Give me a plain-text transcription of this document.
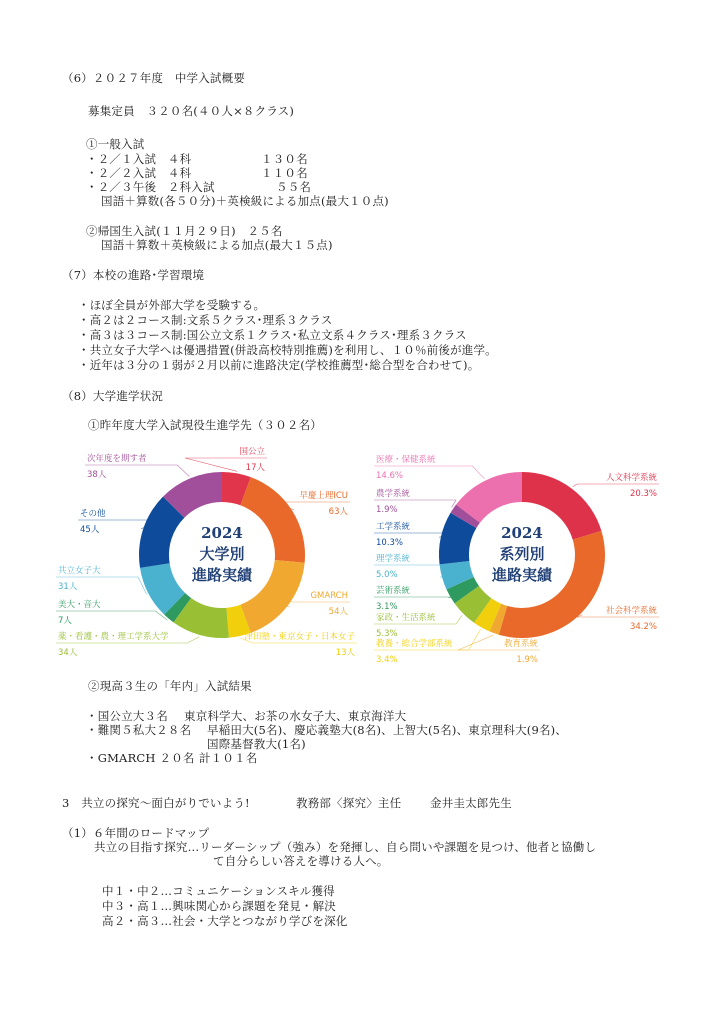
（6）２０２７年度　中学入試概要
募集定員　３２０名(４０人×８クラス)
①一般入試
・２／１入試　４科	１３０名
・２／２入試　４科	１１０名
・２／３午後　２科入試	５５名
国語＋算数(各５０分)＋英検級による加点(最大１０点)
②帰国生入試(１１月２９日)　２５名
国語＋算数＋英検級による加点(最大１５点)
（7）本校の進路･学習環境
・ほぼ全員が外部大学を受験する。
・高２は２コース制:文系５クラス･理系３クラス
・高３は３コース制:国公立文系１クラス･私立文系４クラス･理系３クラス
・共立女子大学へは優遇措置(併設高校特別推薦)を利用し、１０％前後が進学。
・近年は３分の１弱が２月以前に進路決定(学校推薦型･総合型を合わせて)。
（8）大学進学状況
①昨年度大学入試現役生進学先（３０２名）
国公立
17人
早慶上理ICU
63人
GMARCH
54人
津田塾・東京女子・日本女子
13人
薬・看護・農・理工学系大学
34人
美大・音大
7人
共立女子大
31人
その他
45人
次年度を期す者
38人
2024
大学別
進路実績
人文科学系統
20.3%
社会科学系統
34.2%
教育系統
1.9%
教養・総合学部系統
3.4%
家政・生活系統
5.3%
芸術系統
3.1%
理学系統
5.0%
工学系統
10.3%
農学系統
1.9%
医療・保健系統
14.6%
2024
系列別
進路実績
②現高３生の「年内」入試結果
・国公立大３名 東京科学大、お茶の水女子大、東京海洋大
・難関５私大２８名 早稲田大(5名)、慶応義塾大(8名)、上智大(5名)、東京理科大(9名)、
国際基督教大(1名)
・GMARCH ２０名 計１０１名
3　共立の探究〜面白がりでいよう!	教務部〈探究〉主任 金井圭太郎先生
（1）６年間のロードマップ
共立の目指す探究…リーダーシップ（強み）を発揮し、自ら問いや課題を見つけ、他者と協働し
て自分らしい答えを導ける人へ。
中１・中２…コミュニケーションスキル獲得
中３・高１…興味関心から課題を発見・解決
高２・高３…社会・大学とつながり学びを深化
